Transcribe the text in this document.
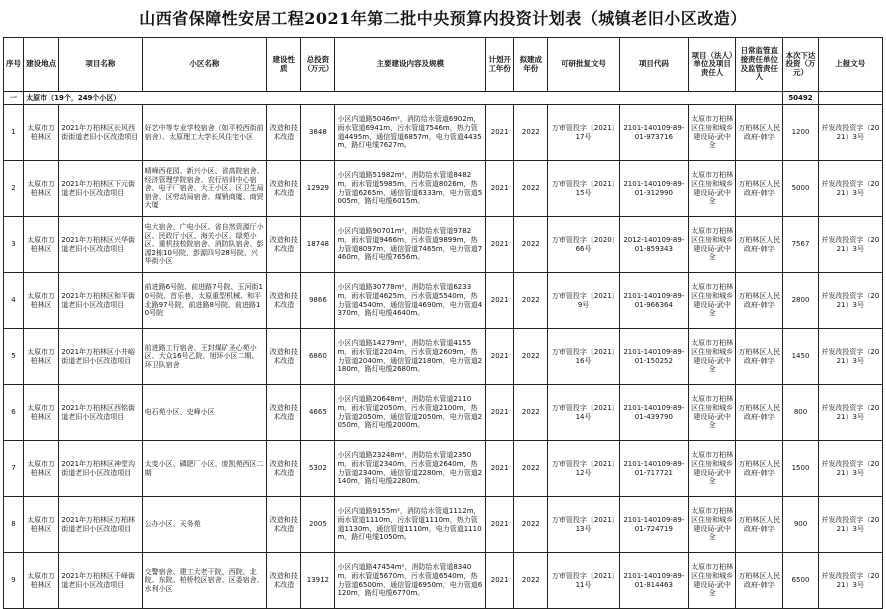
山西省保障性安居工程2021年第二批中央预算内投资计划表（城镇老旧小区改造）
序号	建设地点	项目名称	小区名称	建设性质	总投资（万元）	主要建设内容及规模	计划开工年份	拟建成年份	可研批复文号	项目代码	项目（法人）单位及项目责任人	日常监管直接责任单位及监管责任人	本次下达投资（万元）	上报文号
一	太原市（19个，249个小区）												50492	
1	太原市万柏林区	2021年万柏林区长风西街街道老旧小区改造项目	好艺中等专业学校宿舍（如平校西街前宿舍）、太原理工大学长风住宅小区	改造和技术改造	3848	小区内道路5046m²，消防给水管道6902m，雨水管道6941m，污水管道7546m，热力管道4495m，通信管道6857m，电力管道4435m，路灯电缆7627m。	2021	2022	万审管投字〔2021〕17号	2101-140109-89-01-973716	太原市万柏林区住房和城乡建设局-武中全	万柏林区人民政府-韩宇	1200	并发改投资字（2021）3号
2	太原市万柏林区	2021年万柏林区下元街道老旧小区改造项目	晴峰西花园、新兴小区、省高院宿舍、经济管理学院宿舍、农行培训中心宿舍、电子厂宿舍、大王小区、区卫生局宿舍、区劳动局宿舍、煤销商厦、商贸大厦	改造和技术改造	12929	小区内道路51982m²，消防给水管道8482m，雨水管道5985m，污水管道8026m，热力管道6265m，通信管道6333m，电力管道5005m，路灯电缆6015m。	2021	2022	万审管投字〔2021〕15号	2101-140109-89-01-312990	太原市万柏林区住房和城乡建设局-武中全	万柏林区人民政府-韩宇	5000	并发改投资字（2021）3号
3	太原市万柏林区	2021年万柏林区兴华街道老旧小区改造项目	电大宿舍、广电小区、省自然资源厅小区、民政厅小区、海关小区、绿苑小区、重机技校院宿舍、消防队宿舍、彭源2栋10号院、彭源四号28号院、兴华街小区	改造和技术改造	18748	小区内道路90701m²，消防给水管道9782m，雨水管道9466m，污水管道9899m，热力管道8097m，通信管道7465m，电力管道7460m，路灯电缆7656m。	2021	2022	万审管投字〔2020〕66号	2012-140109-89-01-859343	太原市万柏林区住房和城乡建设局-武中全	万柏林区人民政府-韩宇	7567	并发改投资字（2021）3号
4	太原市万柏林区	2021年万柏林区和平街道老旧小区改造项目	前进路6号院、前进路7号院、玉河街10号院、首乐巷、太原重型机械、和平北路97号院、前进路8号院、前进路10号院	改造和技术改造	9866	小区内道路30778m²，消防给水管道6233m，雨水管道4625m，污水管道5540m，热力管道4540m，通信管道4690m，电力管道4370m，路灯电缆4640m。	2021	2022	万审管投字〔2021〕9号	2101-140109-89-01-966364	太原市万柏林区住房和城乡建设局-武中全	万柏林区人民政府-韩宇	2800	并发改投资字（2021）3号
5	太原市万柏林区	2021年万柏林区小井峪街道老旧小区改造项目	前进路工行宿舍、王封煤矿圣心苑小区、大众16号乙院、旭环小区二期、环卫队宿舍	改造和技术改造	6860	小区内道路14279m²，消防给水管道4155m，雨水管道2204m，污水管道2609m，热力管道2040m，通信管道2180m，电力管道2180m，路灯电缆2680m。	2021	2022	万审管投字〔2021〕16号	2101-140109-89-01-150252	太原市万柏林区住房和城乡建设局-武中全	万柏林区人民政府-韩宇	1450	并发改投资字（2021）3号
6	太原市万柏林区	2021年万柏林区西铭街道老旧小区改造项目	电石苑小区、史峰小区	改造和技术改造	4665	小区内道路20648m²，消防给水管道2110m，雨水管道2050m，污水管道2100m，热力管道2050m，通信管道2050m，电力管道2050m，路灯电缆2000m。	2021	2022	万审管投字〔2021〕14号	2101-140109-89-01-439790	太原市万柏林区住房和城乡建设局-武中全	万柏林区人民政府-韩宇	800	并发改投资字（2021）3号
7	太原市万柏林区	2021年万柏林区神堂沟街道老旧小区改造项目	太变小区、磷肥厂小区、庞凯苑西区二期	改造和技术改造	5302	小区内道路23248m²，消防给水管道2350m，雨水管道2340m，污水管道2640m，热力管道2340m，通信管道2280m，电力管道2140m，路灯电缆2280m。	2021	2022	万审管投字〔2021〕12号	2101-140109-89-01-717721	太原市万柏林区住房和城乡建设局-武中全	万柏林区人民政府-韩宇	1500	并发改投资字（2021）3号
8	太原市万柏林区	2021年万柏林区万柏林街道老旧小区改造项目	公办小区、天务苑	改造和技术改造	2005	小区内道路9155m²，消防给水管道1112m，雨水管道1110m，污水管道1110m，热力管道1130m，通信管道1110m，电力管道1110m，路灯电缆1050m。	2021	2022	万审管投字〔2021〕13号	2101-140109-89-01-724719	太原市万柏林区住房和城乡建设局-武中全	万柏林区人民政府-韩宇	900	并发改投资字（2021）3号
9	太原市万柏林区	2021年万柏林区千峰街道老旧小区改造项目	交警宿舍、建工大老干院、西院、北院、东院、柏桥校区宿舍、区委宿舍、水利小区	改造和技术改造	13912	小区内道路47454m²，消防给水管道8340m，雨水管道5670m，污水管道6540m，热力管道6500m，通信管道6950m，电力管道6120m，路灯电缆6770m。	2021	2022	万审管投字〔2021〕11号	2101-140109-89-01-814463	太原市万柏林区住房和城乡建设局-武中全	万柏林区人民政府-韩宇	6500	并发改投资字（2021）3号
